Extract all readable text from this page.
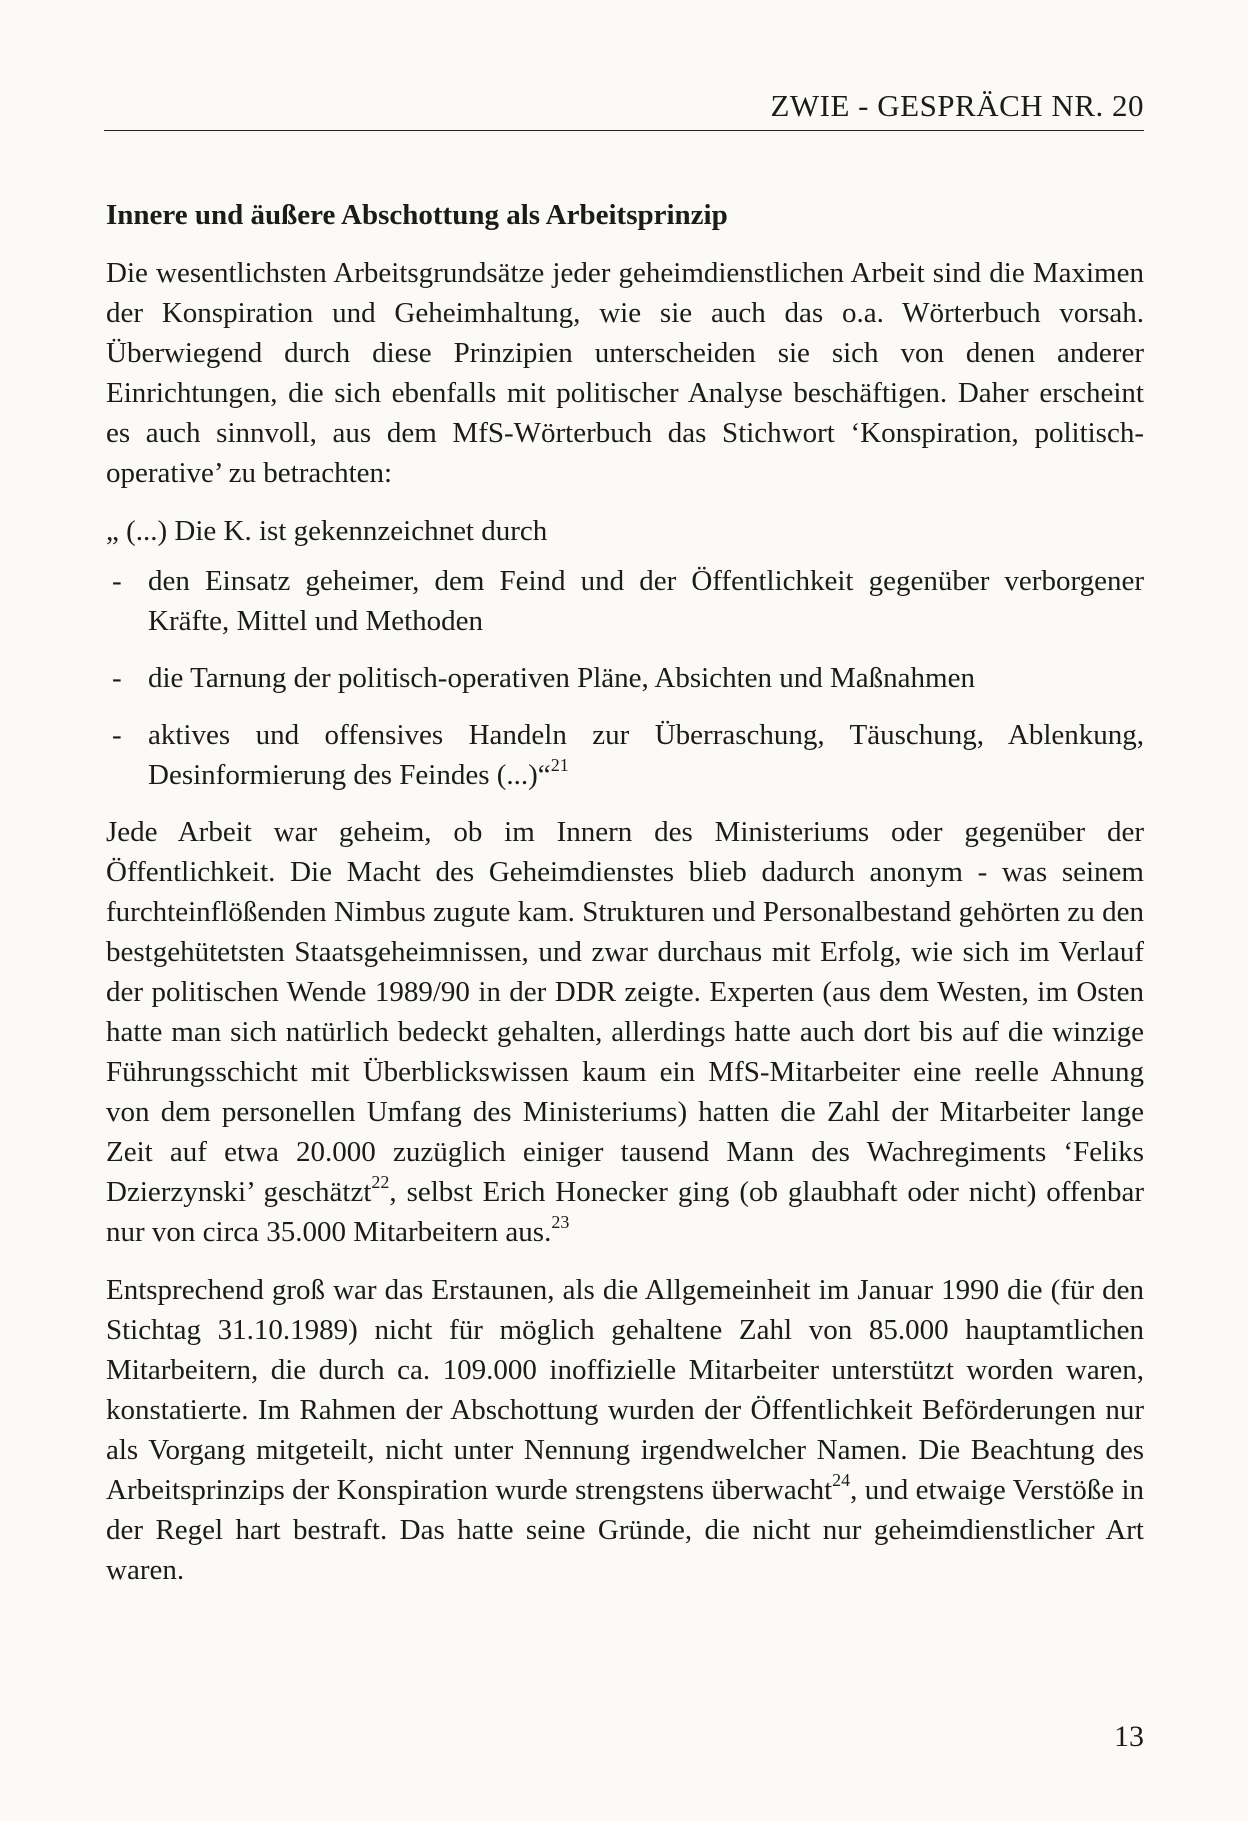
ZWIE - GESPRÄCH NR. 20
Innere und äußere Abschottung als Arbeitsprinzip

Die wesentlichsten Arbeitsgrundsätze jeder geheimdienstlichen Arbeit sind die Maximen der Konspiration und Geheimhaltung, wie sie auch das o.a. Wörterbuch vorsah. Überwiegend durch diese Prinzipien unterscheiden sie sich von denen anderer Einrichtungen, die sich ebenfalls mit politischer Analyse beschäftigen. Daher erscheint es auch sinnvoll, aus dem MfS-Wörterbuch das Stichwort ‘Konspiration, politisch-operative’ zu betrachten:

„ (...) Die K. ist gekennzeichnet durch

- den Einsatz geheimer, dem Feind und der Öffentlichkeit gegenüber verborgener Kräfte, Mittel und Methoden
- die Tarnung der politisch-operativen Pläne, Absichten und Maßnahmen
- aktives und offensives Handeln zur Überraschung, Täuschung, Ablenkung, Desinformierung des Feindes (...)“$^{21}$

Jede Arbeit war geheim, ob im Innern des Ministeriums oder gegenüber der Öffentlichkeit. Die Macht des Geheimdienstes blieb dadurch anonym - was seinem furchteinflößenden Nimbus zugute kam. Strukturen und Personalbestand gehörten zu den bestgehütetsten Staatsgeheimnissen, und zwar durchaus mit Erfolg, wie sich im Verlauf der politischen Wende 1989/90 in der DDR zeigte. Experten (aus dem Westen, im Osten hatte man sich natürlich bedeckt gehalten, allerdings hatte auch dort bis auf die winzige Führungsschicht mit Überblickswissen kaum ein MfS-Mitarbeiter eine reelle Ahnung von dem personellen Umfang des Ministeriums) hatten die Zahl der Mitarbeiter lange Zeit auf etwa 20.000 zuzüglich einiger tausend Mann des Wachregiments ‘Feliks Dzierzynski’ geschätzt$^{22}$, selbst Erich Honecker ging (ob glaubhaft oder nicht) offenbar nur von circa 35.000 Mitarbeitern aus.$^{23}$

Entsprechend groß war das Erstaunen, als die Allgemeinheit im Januar 1990 die (für den Stichtag 31.10.1989) nicht für möglich gehaltene Zahl von 85.000 hauptamtlichen Mitarbeitern, die durch ca. 109.000 inoffizielle Mitarbeiter unterstützt worden waren, konstatierte. Im Rahmen der Abschottung wurden der Öffentlichkeit Beförderungen nur als Vorgang mitgeteilt, nicht unter Nennung irgendwelcher Namen. Die Beachtung des Arbeitsprinzips der Konspiration wurde strengstens überwacht$^{24}$, und etwaige Verstöße in der Regel hart bestraft. Das hatte seine Gründe, die nicht nur geheimdienstlicher Art waren.

13
